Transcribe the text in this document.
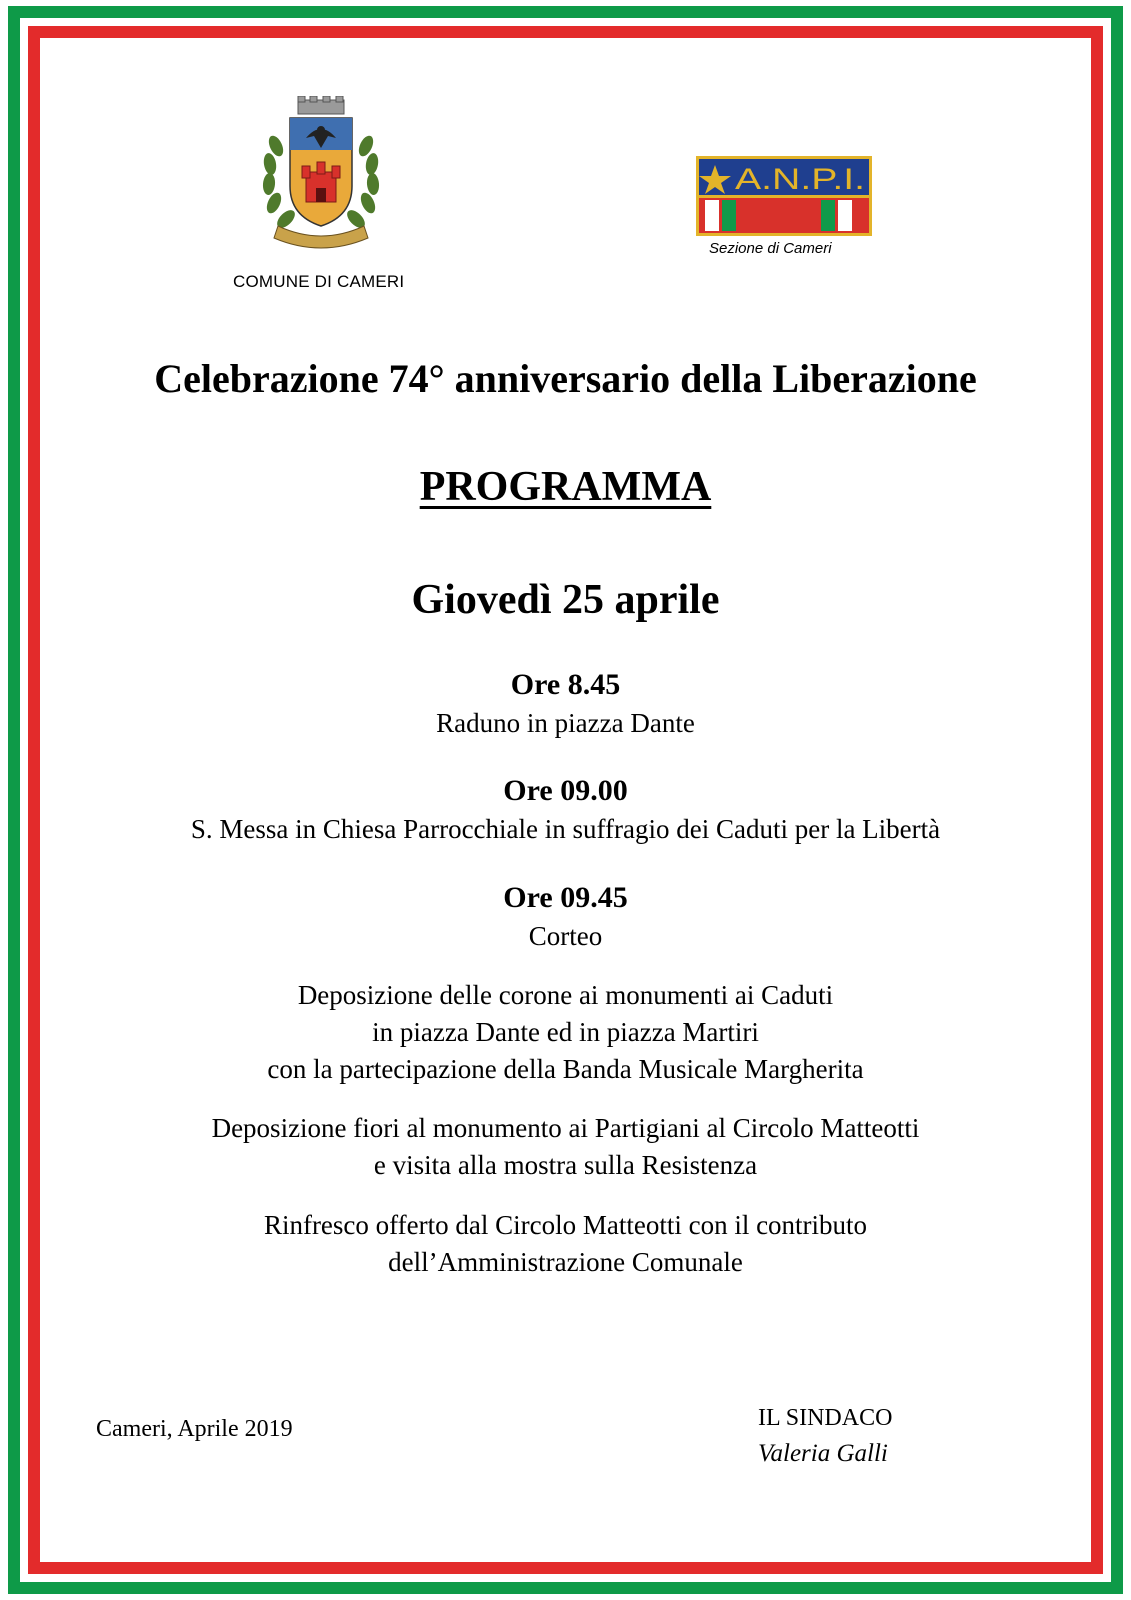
COMUNE DI CAMERI
A.N.P.I.
Sezione di Cameri
Celebrazione 74° anniversario della Liberazione
PROGRAMMA
Giovedì 25 aprile
Ore 8.45
Raduno in piazza Dante
Ore 09.00
S. Messa in Chiesa Parrocchiale in suffragio dei Caduti per la Libertà
Ore 09.45
Corteo
Deposizione delle corone ai monumenti ai Caduti
in piazza Dante ed in piazza Martiri
con la partecipazione della Banda Musicale Margherita
Deposizione fiori al monumento ai Partigiani al Circolo Matteotti
e visita alla mostra sulla Resistenza
Rinfresco offerto dal Circolo Matteotti con il contributo
dell’Amministrazione Comunale
Cameri, Aprile 2019	IL SINDACO
Valeria Galli
